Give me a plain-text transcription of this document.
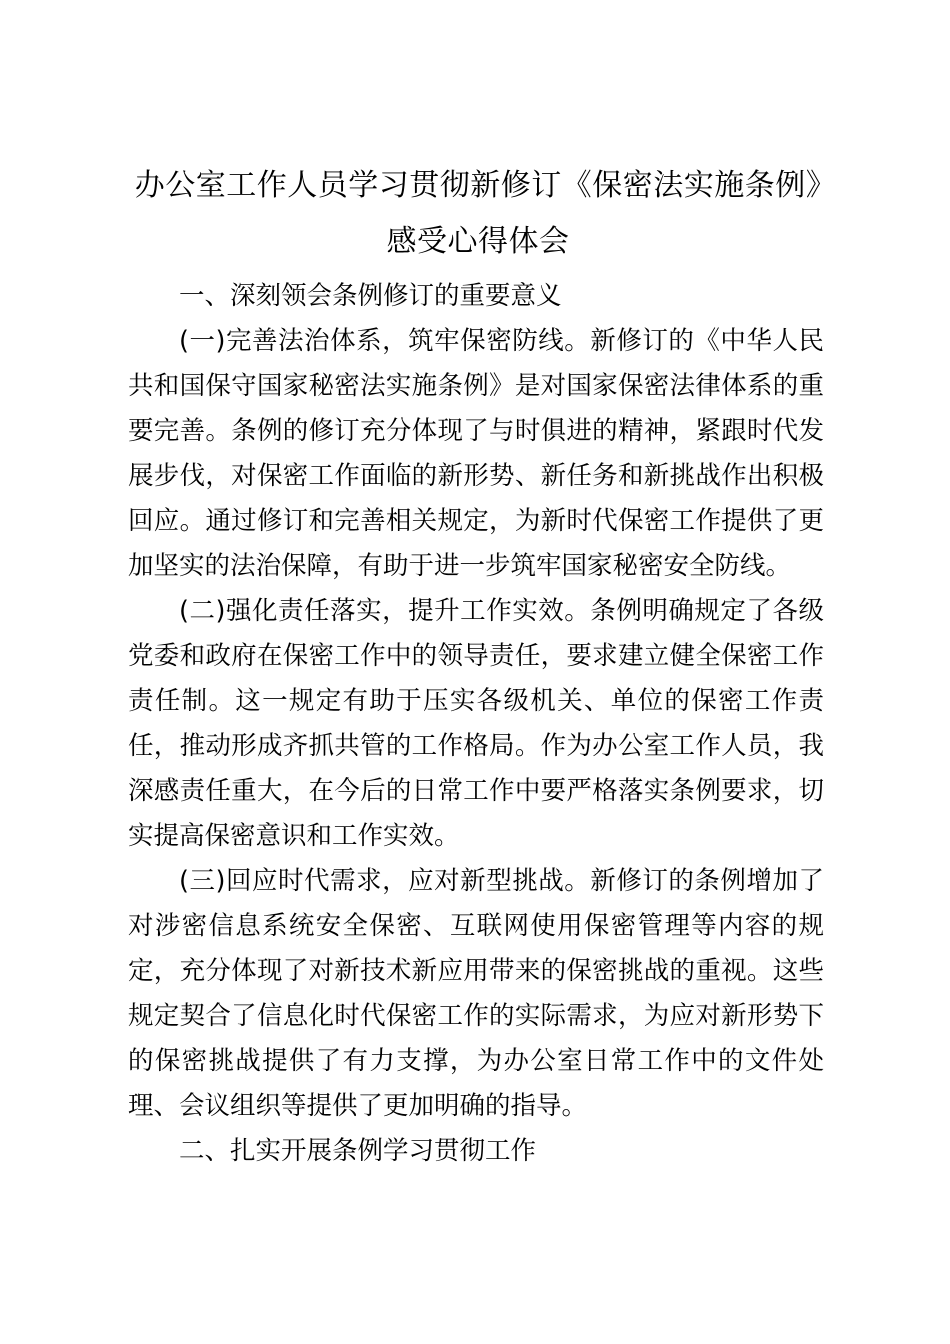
办公室工作人员学习贯彻新修订《保密法实施条例》感受心得体会

一、深刻领会条例修订的重要意义

(一)完善法治体系，筑牢保密防线。新修订的《中华人民共和国保守国家秘密法实施条例》是对国家保密法律体系的重要完善。条例的修订充分体现了与时俱进的精神，紧跟时代发展步伐，对保密工作面临的新形势、新任务和新挑战作出积极回应。通过修订和完善相关规定，为新时代保密工作提供了更加坚实的法治保障，有助于进一步筑牢国家秘密安全防线。

(二)强化责任落实，提升工作实效。条例明确规定了各级党委和政府在保密工作中的领导责任，要求建立健全保密工作责任制。这一规定有助于压实各级机关、单位的保密工作责任，推动形成齐抓共管的工作格局。作为办公室工作人员，我深感责任重大，在今后的日常工作中要严格落实条例要求，切实提高保密意识和工作实效。

(三)回应时代需求，应对新型挑战。新修订的条例增加了对涉密信息系统安全保密、互联网使用保密管理等内容的规定，充分体现了对新技术新应用带来的保密挑战的重视。这些规定契合了信息化时代保密工作的实际需求，为应对新形势下的保密挑战提供了有力支撑，为办公室日常工作中的文件处理、会议组织等提供了更加明确的指导。

二、扎实开展条例学习贯彻工作
